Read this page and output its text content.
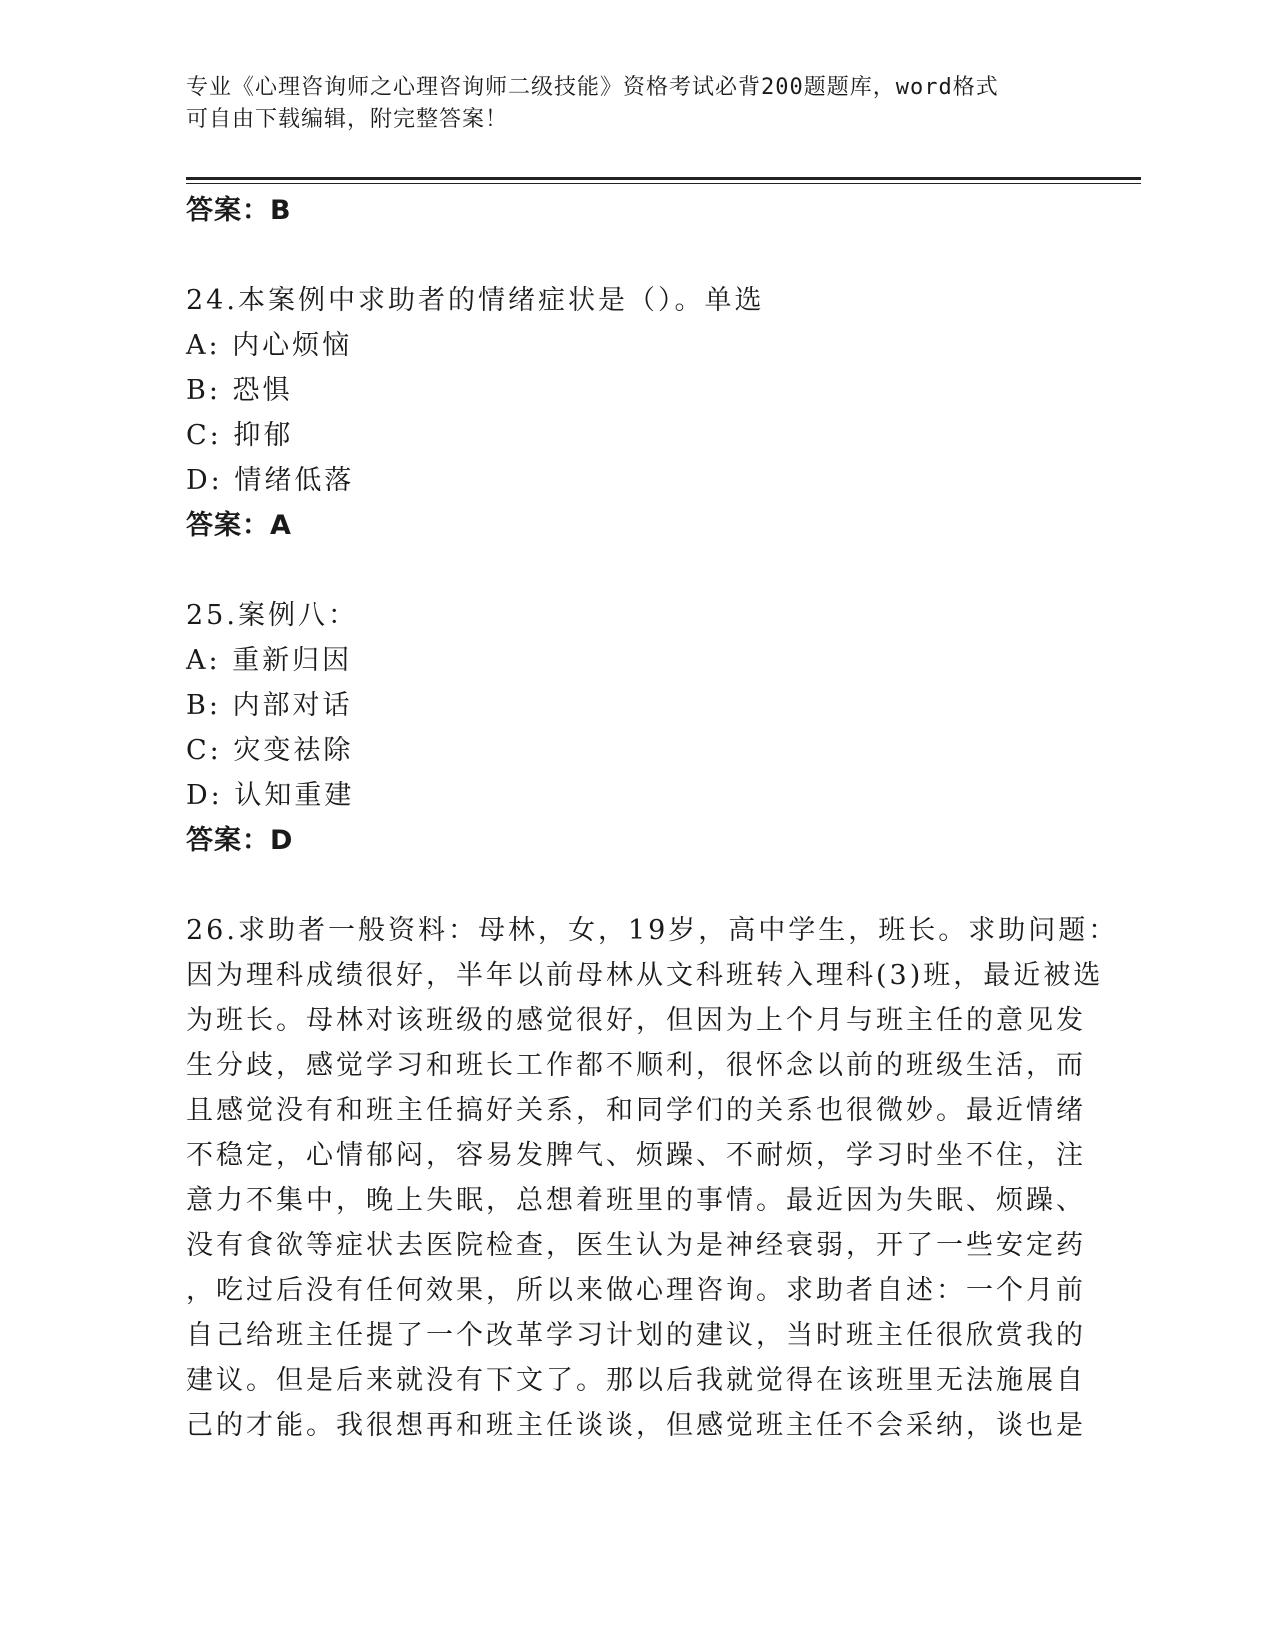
专业《心理咨询师之心理咨询师二级技能》资格考试必背200题题库，word格式
可自由下载编辑，附完整答案！
答案：B
24.本案例中求助者的情绪症状是（）。单选
A: 内心烦恼
B: 恐惧
C: 抑郁
D: 情绪低落
答案：A
25.案例八：
A: 重新归因
B: 内部对话
C: 灾变祛除
D: 认知重建
答案：D
26.求助者一般资料：母林，女，19岁，高中学生，班长。求助问题：
因为理科成绩很好，半年以前母林从文科班转入理科(3)班，最近被选
为班长。母林对该班级的感觉很好，但因为上个月与班主任的意见发
生分歧，感觉学习和班长工作都不顺利，很怀念以前的班级生活，而
且感觉没有和班主任搞好关系，和同学们的关系也很微妙。最近情绪
不稳定，心情郁闷，容易发脾气、烦躁、不耐烦，学习时坐不住，注
意力不集中，晚上失眠，总想着班里的事情。最近因为失眠、烦躁、
没有食欲等症状去医院检查，医生认为是神经衰弱，开了一些安定药
，吃过后没有任何效果，所以来做心理咨询。求助者自述：一个月前
自己给班主任提了一个改革学习计划的建议，当时班主任很欣赏我的
建议。但是后来就没有下文了。那以后我就觉得在该班里无法施展自
己的才能。我很想再和班主任谈谈，但感觉班主任不会采纳，谈也是
